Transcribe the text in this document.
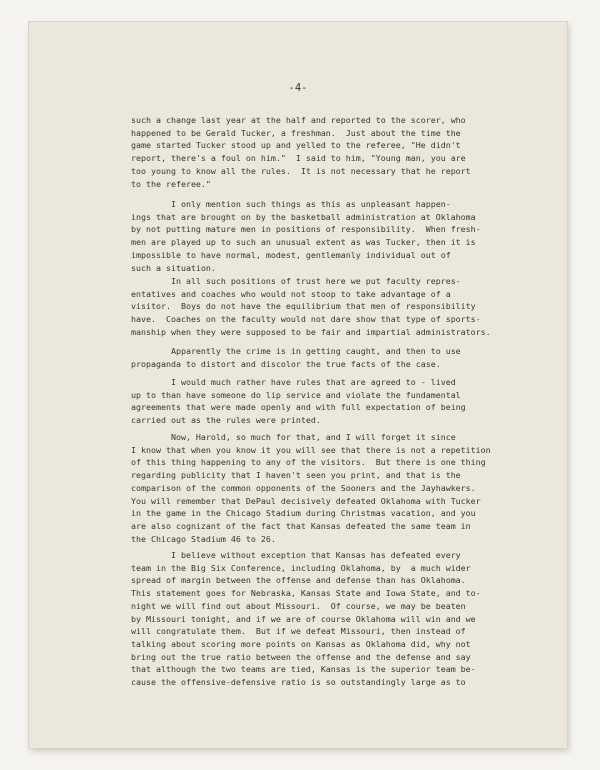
-4-

such a change last year at the half and reported to the scorer, who
happened to be Gerald Tucker, a freshman.  Just about the time the
game started Tucker stood up and yelled to the referee, "He didn't
report, there's a foul on him."  I said to him, "Young man, you are
too young to know all the rules.  It is not necessary that he report
to the referee."

I only mention such things as this as unpleasant happen-
ings that are brought on by the basketball administration at Oklahoma
by not putting mature men in positions of responsibility.  When fresh-
men are played up to such an unusual extent as was Tucker, then it is
impossible to have normal, modest, gentlemanly individual out of
such a situation.

In all such positions of trust here we put faculty repres-
entatives and coaches who would not stoop to take advantage of a
visitor.  Boys do not have the equilibrium that men of responsibility
have.  Coaches on the faculty would not dare show that type of sports-
manship when they were supposed to be fair and impartial administrators.

Apparently the crime is in getting caught, and then to use
propaganda to distort and discolor the true facts of the case.

I would much rather have rules that are agreed to - lived
up to than have someone do lip service and violate the fundamental
agreements that were made openly and with full expectation of being
carried out as the rules were printed.

Now, Harold, so much for that, and I will forget it since
I know that when you know it you will see that there is not a repetition
of this thing happening to any of the visitors.  But there is one thing
regarding publicity that I haven't seen you print, and that is the
comparison of the common opponents of the Sooners and the Jayhawkers.
You will remember that DePaul decisively defeated Oklahoma with Tucker
in the game in the Chicago Stadium during Christmas vacation, and you
are also cognizant of the fact that Kansas defeated the same team in
the Chicago Stadium 46 to 26.

I believe without exception that Kansas has defeated every
team in the Big Six Conference, including Oklahoma, by  a much wider
spread of margin between the offense and defense than has Oklahoma.
This statement goes for Nebraska, Kansas State and Iowa State, and to-
night we will find out about Missouri.  Of course, we may be beaten
by Missouri tonight, and if we are of course Oklahoma will win and we
will congratulate them.  But if we defeat Missouri, then instead of
talking about scoring more points on Kansas as Oklahoma did, why not
bring out the true ratio between the offense and the defense and say
that although the two teams are tied, Kansas is the superior team be-
cause the offensive-defensive ratio is so outstandingly large as to
